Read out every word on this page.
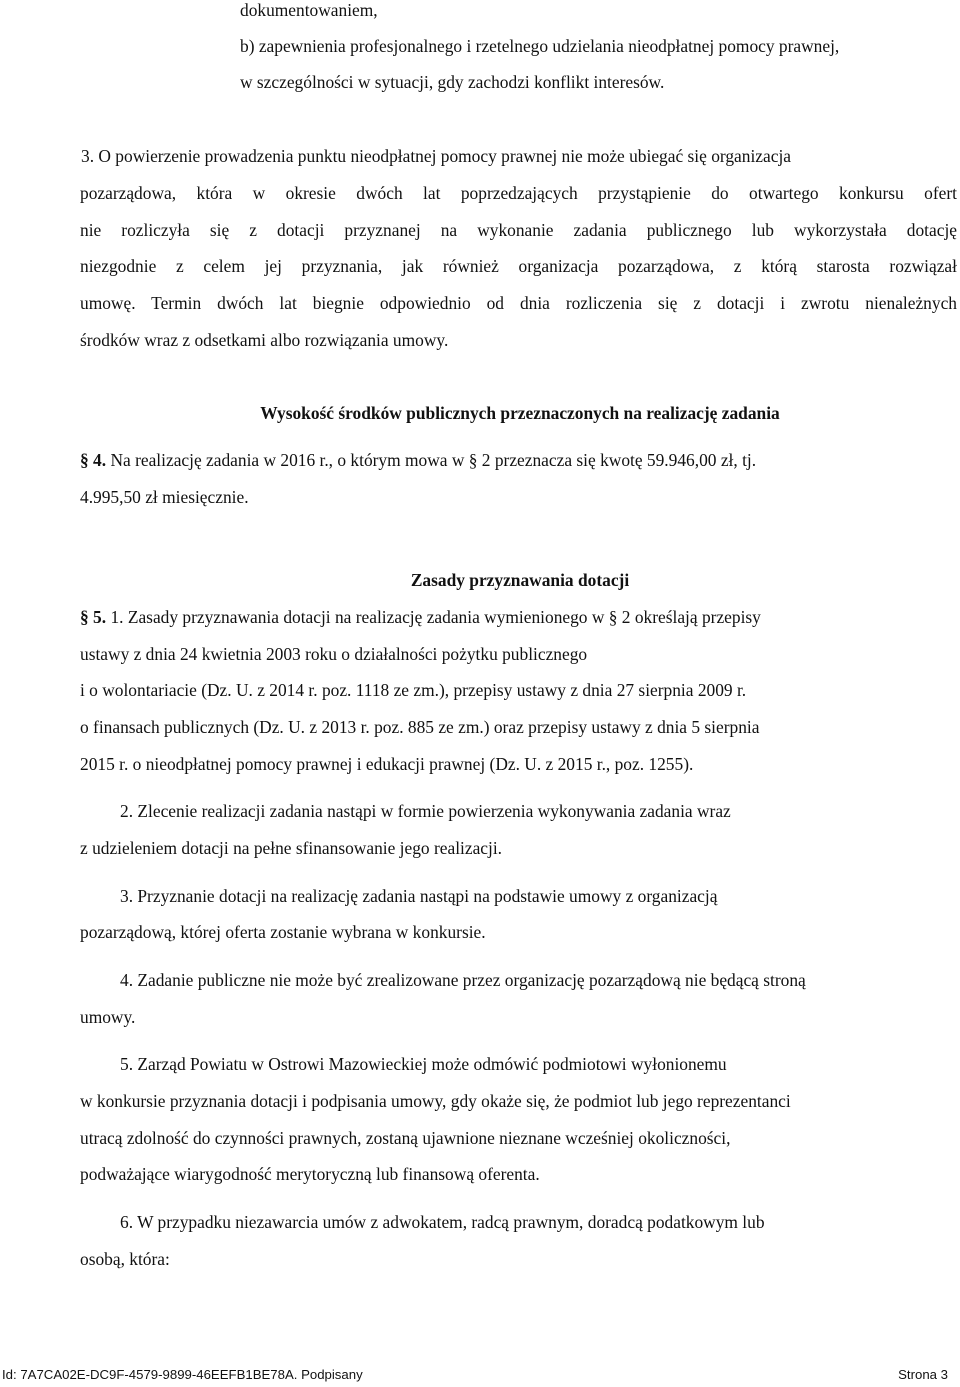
dokumentowaniem,
b) zapewnienia profesjonalnego i rzetelnego udzielania nieodpłatnej pomocy prawnej,
w szczególności w sytuacji, gdy zachodzi konflikt interesów.
3. O powierzenie prowadzenia punktu nieodpłatnej pomocy prawnej nie może ubiegać się organizacja
pozarządowa, która w okresie dwóch lat poprzedzających przystąpienie do otwartego konkursu ofert
nie rozliczyła się z dotacji przyznanej na wykonanie zadania publicznego lub wykorzystała dotację
niezgodnie z celem jej przyznania, jak również organizacja pozarządowa, z którą starosta rozwiązał
umowę. Termin dwóch lat biegnie odpowiednio od dnia rozliczenia się z dotacji i zwrotu nienależnych
środków wraz z odsetkami albo rozwiązania umowy.
Wysokość środków publicznych przeznaczonych na realizację zadania
§ 4. Na realizację zadania w 2016 r., o którym mowa w § 2 przeznacza się kwotę 59.946,00 zł, tj.
4.995,50 zł miesięcznie.
Zasady przyznawania dotacji
§ 5. 1. Zasady przyznawania dotacji na realizację zadania wymienionego w § 2 określają przepisy
ustawy z dnia 24 kwietnia 2003 roku o działalności pożytku publicznego
i o wolontariacie (Dz. U. z 2014 r. poz. 1118 ze zm.), przepisy ustawy z dnia 27 sierpnia 2009 r.
o finansach publicznych (Dz. U. z 2013 r. poz. 885 ze zm.) oraz przepisy ustawy z dnia 5 sierpnia
2015 r. o nieodpłatnej pomocy prawnej i edukacji prawnej (Dz. U. z 2015 r., poz. 1255).
2. Zlecenie realizacji zadania nastąpi w formie powierzenia wykonywania zadania wraz
z udzieleniem dotacji na pełne sfinansowanie jego realizacji.
3. Przyznanie dotacji na realizację zadania nastąpi na podstawie umowy z organizacją
pozarządową, której oferta zostanie wybrana w konkursie.
4. Zadanie publiczne nie może być zrealizowane przez organizację pozarządową nie będącą stroną
umowy.
5. Zarząd Powiatu w Ostrowi Mazowieckiej może odmówić podmiotowi wyłonionemu
w konkursie przyznania dotacji i podpisania umowy, gdy okaże się, że podmiot lub jego reprezentanci
utracą zdolność do czynności prawnych, zostaną ujawnione nieznane wcześniej okoliczności,
podważające wiarygodność merytoryczną lub finansową oferenta.
6. W przypadku niezawarcia umów z adwokatem, radcą prawnym, doradcą podatkowym lub
osobą, która:
Id: 7A7CA02E-DC9F-4579-9899-46EEFB1BE78A. Podpisany	Strona 3
